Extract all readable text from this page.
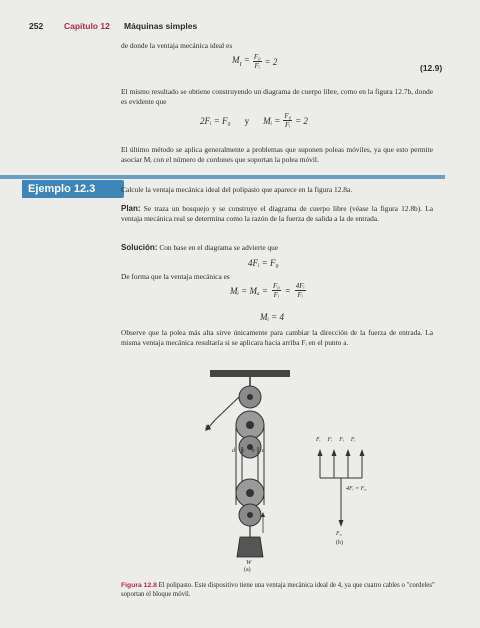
252 Capítulo 12 Máquinas simples
de donde la ventaja mecánica ideal es
$M_I = \frac{\text{F₀}}{\text{Fᵢ}} = 2$
(12.9)
El mismo resultado se obtiene construyendo un diagrama de cuerpo libre, como en la figura 12.7b, donde es evidente que
2Fᵢ = F₀ y Mᵢ = $\frac{\text{F₀}}{\text{Fᵢ}} = 2$
El último método se aplica generalmente a problemas que suponen poleas móviles, ya que esto permite asociar Mᵢ con el número de cordones que soportan la polea móvil.
Ejemplo 12.3	Calcule la ventaja mecánica ideal del polipasto que aparece en la figura 12.8a.
Plan: Se traza un bosquejo y se construye el diagrama de cuerpo libre (véase la figura 12.8b). La ventaja mecánica real se determina como la razón de la fuerza de salida a la de entrada.
Solución: Con base en el diagrama se advierte que
4Fᵢ = F₀
De forma que la ventaja mecánica es
Mᵢ = $M_a = \frac{\text{F₀}}{\text{Fᵢ}} = \frac{\text{4Fᵢ}}{\text{Fᵢ}}$
Mᵢ = 4
Observe que la polea más alta sirve únicamente para cambiar la dirección de la fuerza de entrada. La misma ventaja mecánica resultaría si se aplicara hacia arriba Fᵢ en el punto a.
Fᵢ
d c b a
W
(a)
Fᵢ Fᵢ Fᵢ Fᵢ
4Fᵢ = F₀
F₀
(b)
Figura 12.8 El polipasto. Este dispositivo tiene una ventaja mecánica ideal de 4, ya que cuatro cables o "cordeles" soportan el bloque móvil.
